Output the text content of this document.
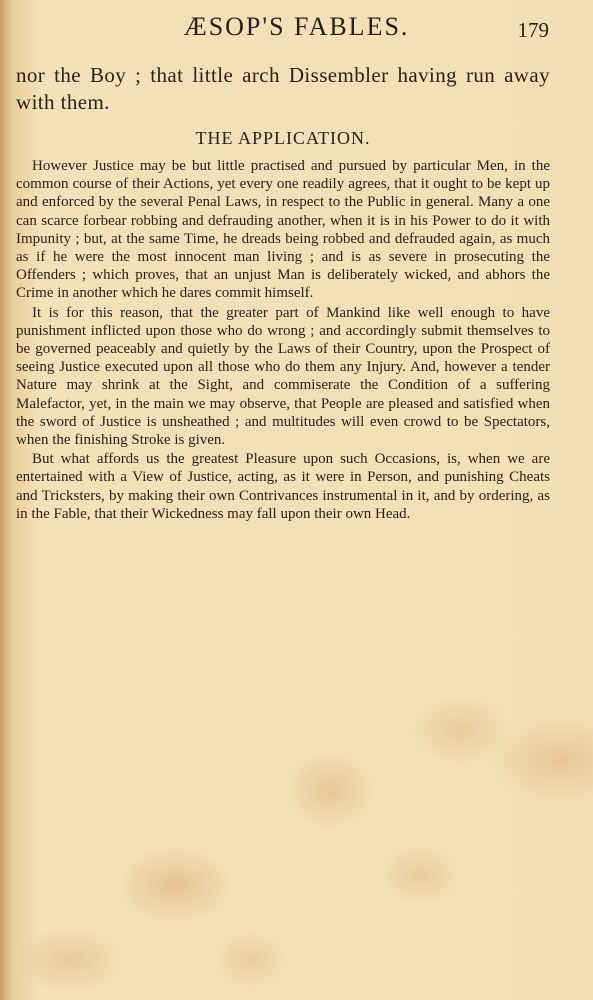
ÆSOP'S FABLES.	179

nor the Boy ; that little arch Dissembler having run away with them.

THE APPLICATION.

However Justice may be but little practised and pursued by particular Men, in the common course of their Actions, yet every one readily agrees, that it ought to be kept up and enforced by the several Penal Laws, in respect to the Public in general. Many a one can scarce forbear robbing and defrauding another, when it is in his Power to do it with Impunity ; but, at the same Time, he dreads being robbed and defrauded again, as much as if he were the most innocent man living ; and is as severe in prosecuting the Offenders ; which proves, that an unjust Man is deliberately wicked, and abhors the Crime in another which he dares commit himself.

It is for this reason, that the greater part of Mankind like well enough to have punishment inflicted upon those who do wrong ; and accordingly submit themselves to be governed peaceably and quietly by the Laws of their Country, upon the Prospect of seeing Justice executed upon all those who do them any Injury. And, however a tender Nature may shrink at the Sight, and commiserate the Condition of a suffering Malefactor, yet, in the main we may observe, that People are pleased and satisfied when the sword of Justice is unsheathed ; and multitudes will even crowd to be Spectators, when the finishing Stroke is given.

But what affords us the greatest Pleasure upon such Occasions, is, when we are entertained with a View of Justice, acting, as it were in Person, and punishing Cheats and Tricksters, by making their own Contrivances instrumental in it, and by ordering, as in the Fable, that their Wickedness may fall upon their own Head.
